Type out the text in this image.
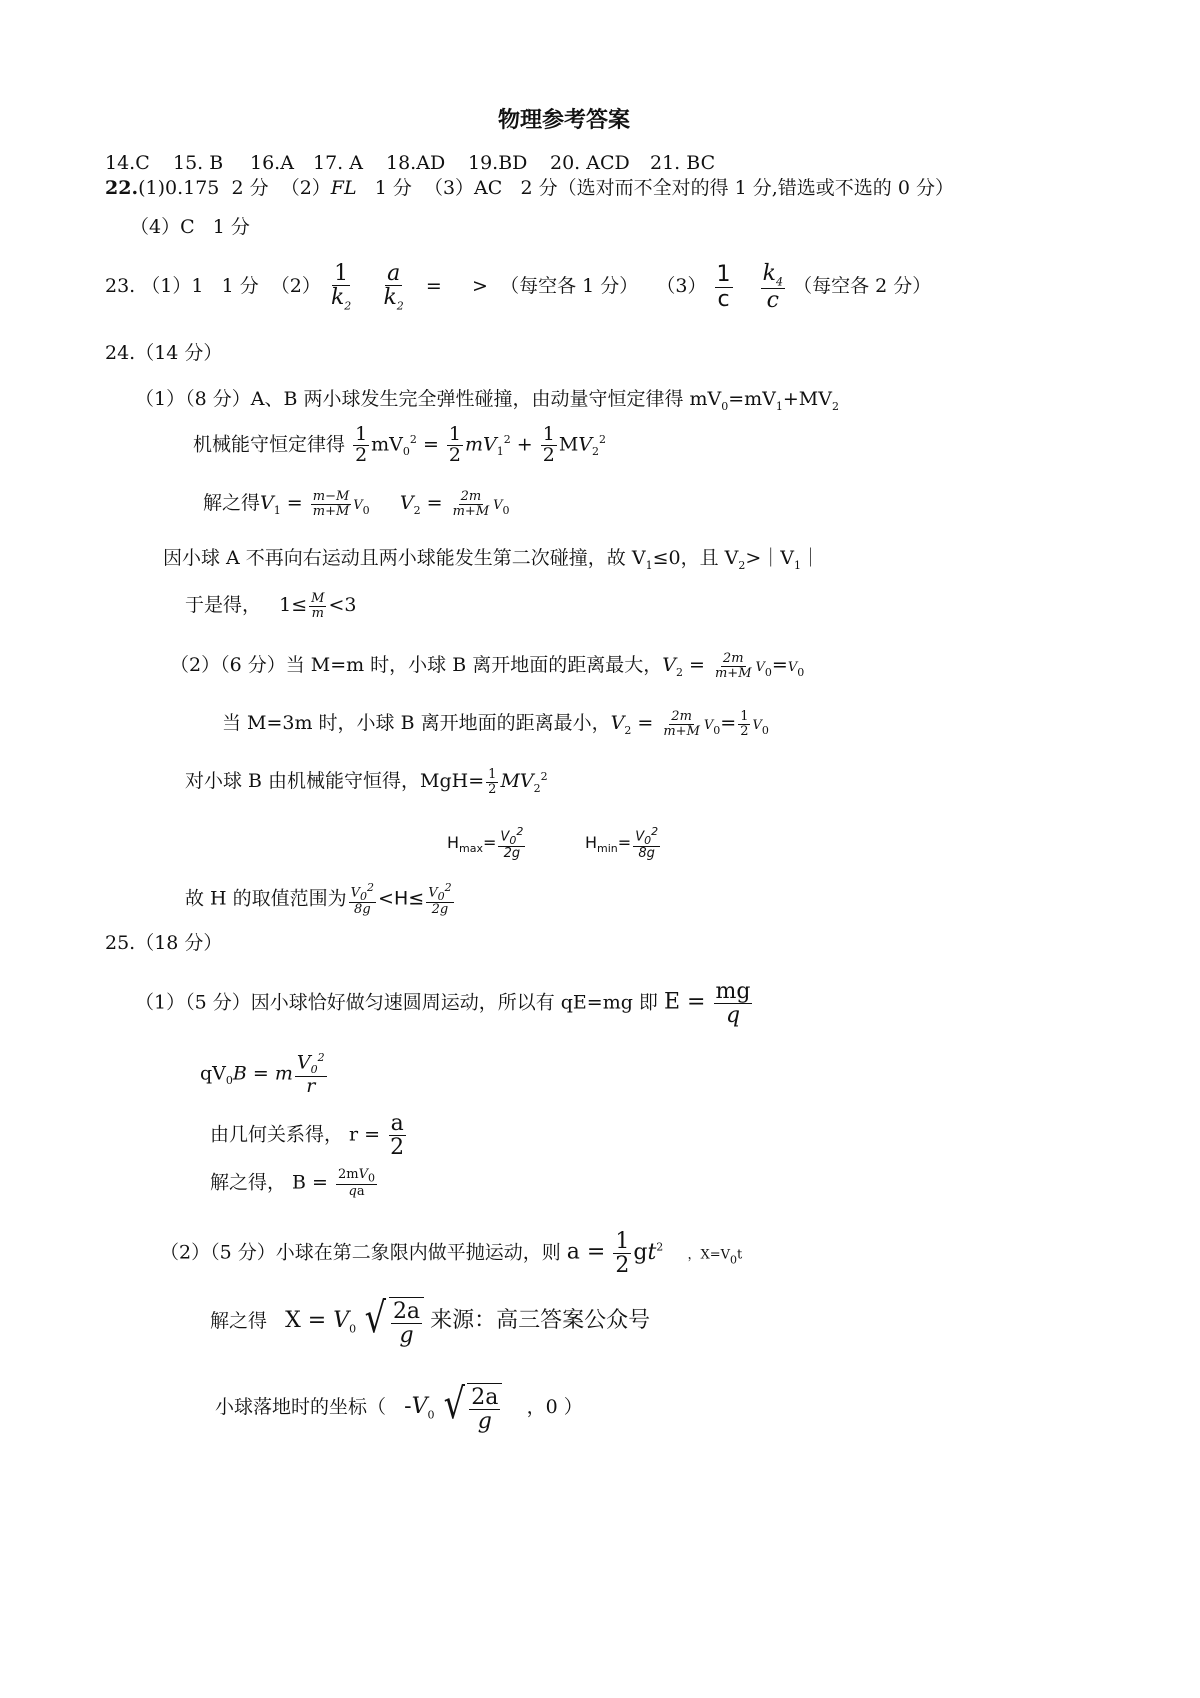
物理参考答案
14.C 15. B 16.A 17. A 18.AD 19.BD 20. ACD 21. BC
22.(1)0.175 2 分 （2）FL 1 分 （3）AC 2 分（选对而不全对的得 1 分,错选或不选的 0 分）
（4）C 1 分
23. （1）1 1 分 $(2) \frac{1}{k_2}$
$\frac{a}{k_2}$ = > （每空各 1 分） $(3) \frac{1}{c}$
$\frac{k_4}{c}$ （每空各 2 分）
24.（14 分）
（1）（8 分）A、B 两小球发生完全弹性碰撞，由动量守恒定律得 $mV_0=mV_1+MV_2$
机械能守恒定律得 $\frac{1}{2} mV_0^2 = \frac{1}{2} mV_1^2 + \frac{1}{2} MV_2^2$
解之得$V_1 = \frac{m-M}{m+M} V_0$ $V_2 = \frac{2m}{m+M} V_0$
因小球 A 不再向右运动且两小球能发生第二次碰撞，故 $V_1\le 0$，且 $V_2>|V_1|$
于是得，   $1\le \frac{M}{m} <3$
（2）（6 分）当 M=m 时，小球 B 离开地面的距离最大，$V_2 = \frac{2m}{m+M} V_0=V_0$
当 M=3m 时，小球 B 离开地面的距离最小，$V_2 = \frac{2m}{m+M} V_0= \frac{1}{2} V_0$
对小球 B 由机械能守恒得，$MgH= \frac{1}{2} MV_2^2$
$H_{max}= \frac{V_0^2}{2g}$	$H_{min}= \frac{V_0^2}{8g}$
故 H 的取值范围为 $\frac{V_0^2}{8g} <H\le \frac{V_0^2}{2g}$
25.（18 分）
（1）（5 分）因小球恰好做匀速圆周运动，所以有 qE=mg 即 $E = \frac{mg}{q}$
$qV_0B = m \frac{V_0^2}{r}$
由几何关系得， $r = \frac{a}{2}$
解之得， $B = \frac{2mV_0}{qa}$
（2）（5 分）小球在第二象限内做平抛运动，则 $a = \frac{1}{2} gt^2$    ，$X=V_0t$
解之得 $X = V_0$ √ $\frac{2a}{g}$ 来源：高三答案公众号
小球落地时的坐标（ $-V_0$ √ $\frac{2a}{g}$ ，0 ）
